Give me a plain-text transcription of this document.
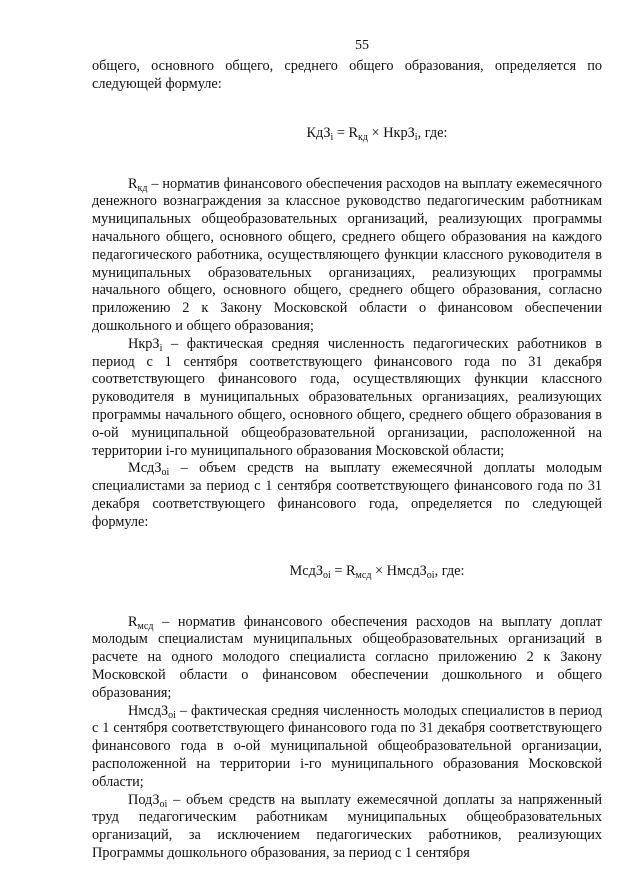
55

общего, основного общего, среднего общего образования, определяется по следующей формуле:

$КдЗ_i = R_{кд}$ × НкрЗ$_i$, где:

$R_{кд}$ – норматив финансового обеспечения расходов на выплату ежемесячного денежного вознаграждения за классное руководство педагогическим работникам муниципальных общеобразовательных организаций, реализующих программы начального общего, основного общего, среднего общего образования на каждого педагогического работника, осуществляющего функции классного руководителя в муниципальных образовательных организациях, реализующих программы начального общего, основного общего, среднего общего образования, согласно приложению 2 к Закону Московской области о финансовом обеспечении дошкольного и общего образования;

НкрЗ$_i$ – фактическая средняя численность педагогических работников в период с 1 сентября соответствующего финансового года по 31 декабря соответствующего финансового года, осуществляющих функции классного руководителя в муниципальных образовательных организациях, реализующих программы начального общего, основного общего, среднего общего образования в о-ой муниципальной общеобразовательной организации, расположенной на территории i-го муниципального образования Московской области;

МсдЗ$_{oi}$ – объем средств на выплату ежемесячной доплаты молодым специалистами за период с 1 сентября соответствующего финансового года по 31 декабря соответствующего финансового года, определяется по следующей формуле:

МсдЗ$_{oi}$ = $R_{мсд}$ × НмсдЗ$_{oi}$, где:

$R_{мсд}$ – норматив финансового обеспечения расходов на выплату доплат молодым специалистам муниципальных общеобразовательных организаций в расчете на одного молодого специалиста согласно приложению 2 к Закону Московской области о финансовом обеспечении дошкольного и общего образования;

НмсдЗ$_{oi}$ – фактическая средняя численность молодых специалистов в период с 1 сентября соответствующего финансового года по 31 декабря соответствующего финансового года в о-ой муниципальной общеобразовательной организации, расположенной на территории i-го муниципального образования Московской области;

ПодЗ$_{oi}$ – объем средств на выплату ежемесячной доплаты за напряженный труд педагогическим работникам муниципальных общеобразовательных организаций, за исключением педагогических работников, реализующих Программы дошкольного образования, за период с 1 сентября
